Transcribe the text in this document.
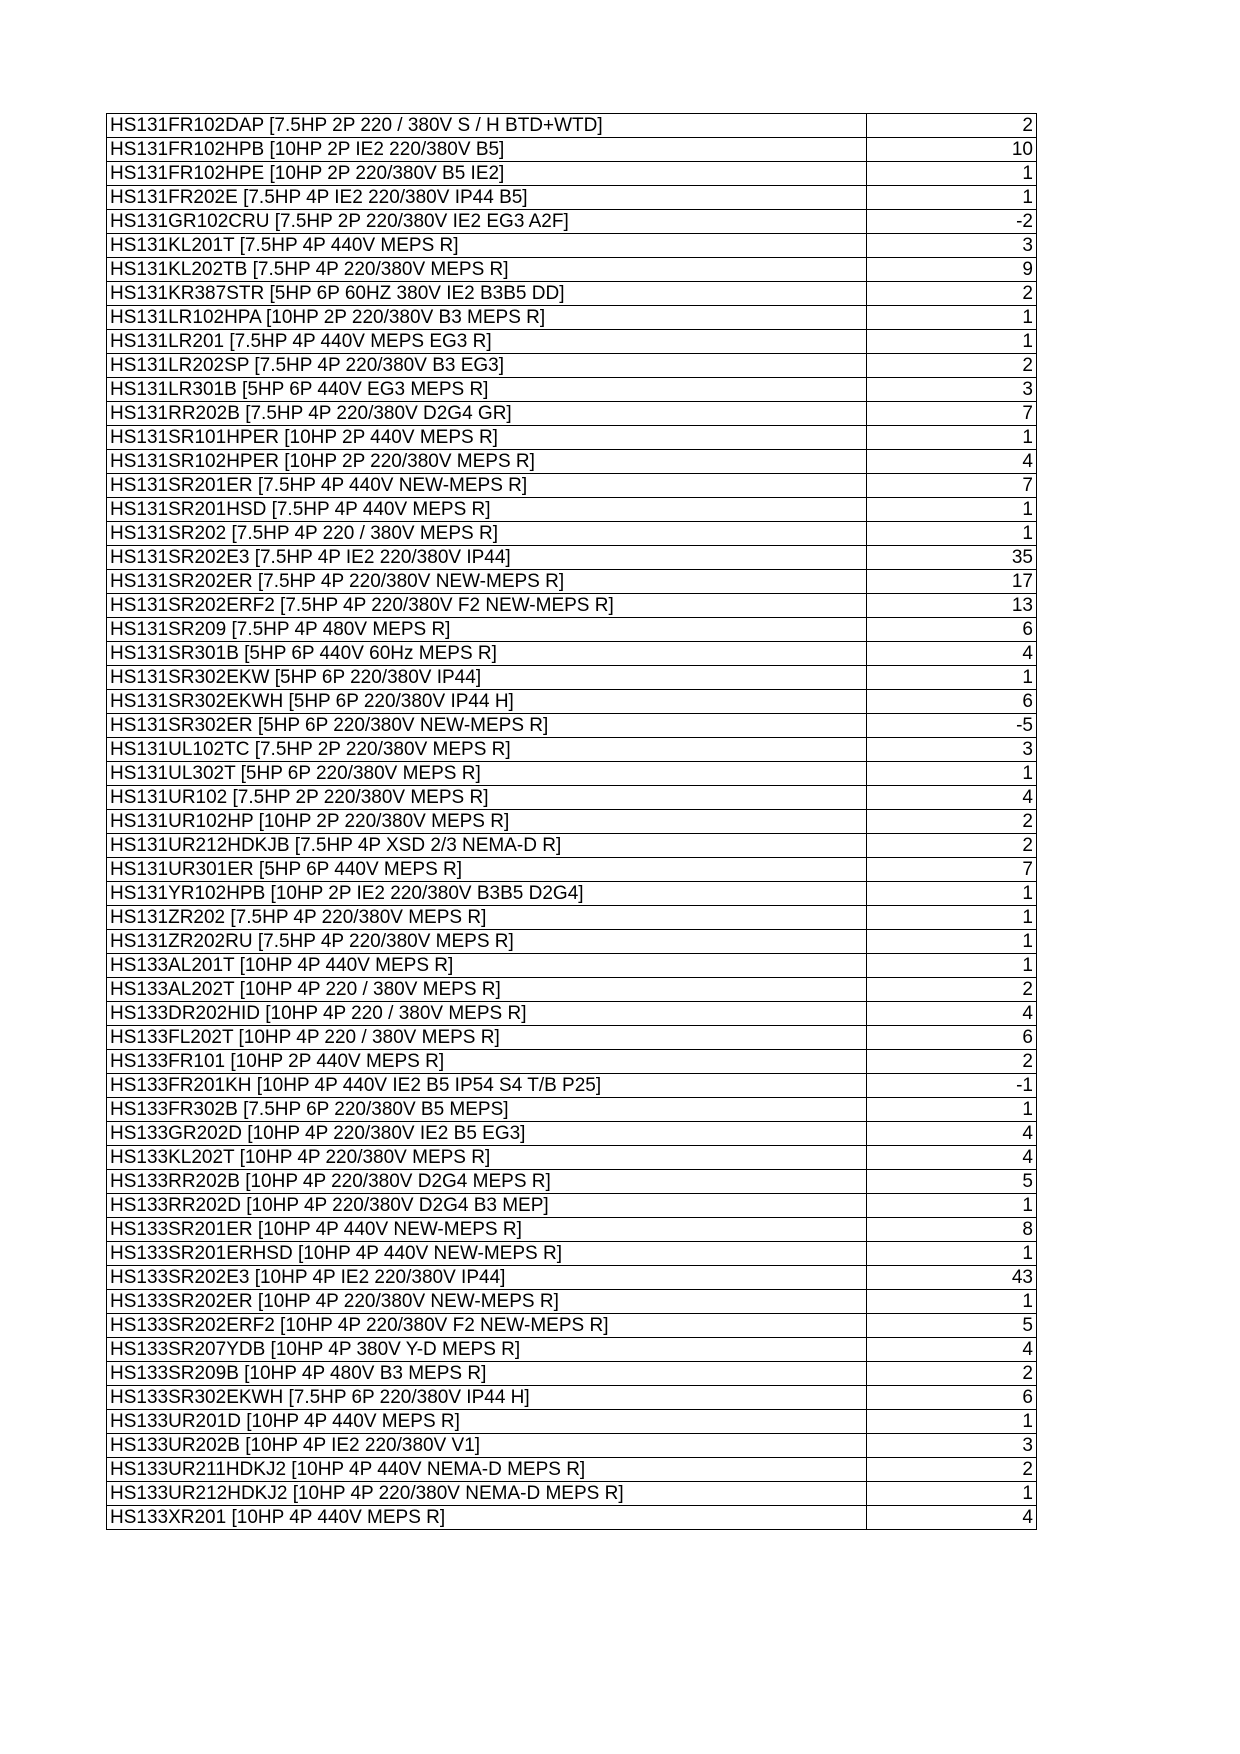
HS131FR102DAP [7.5HP 2P 220 / 380V S / H BTD+WTD]	2
HS131FR102HPB [10HP 2P IE2 220/380V B5]	10
HS131FR102HPE [10HP 2P 220/380V B5 IE2]	1
HS131FR202E [7.5HP 4P IE2 220/380V IP44 B5]	1
HS131GR102CRU [7.5HP 2P 220/380V IE2 EG3 A2F]	-2
HS131KL201T [7.5HP 4P 440V MEPS R]	3
HS131KL202TB [7.5HP 4P 220/380V MEPS R]	9
HS131KR387STR [5HP 6P 60HZ 380V IE2 B3B5 DD]	2
HS131LR102HPA [10HP 2P 220/380V B3 MEPS R]	1
HS131LR201 [7.5HP 4P 440V MEPS EG3 R]	1
HS131LR202SP [7.5HP 4P 220/380V B3 EG3]	2
HS131LR301B [5HP 6P 440V EG3 MEPS R]	3
HS131RR202B [7.5HP 4P 220/380V D2G4 GR]	7
HS131SR101HPER [10HP 2P 440V MEPS R]	1
HS131SR102HPER [10HP 2P 220/380V MEPS R]	4
HS131SR201ER [7.5HP 4P 440V NEW-MEPS R]	7
HS131SR201HSD [7.5HP 4P 440V MEPS R]	1
HS131SR202 [7.5HP 4P 220 / 380V MEPS R]	1
HS131SR202E3 [7.5HP 4P IE2 220/380V IP44]	35
HS131SR202ER [7.5HP 4P 220/380V NEW-MEPS R]	17
HS131SR202ERF2 [7.5HP 4P 220/380V F2 NEW-MEPS R]	13
HS131SR209 [7.5HP 4P 480V MEPS R]	6
HS131SR301B [5HP 6P 440V 60Hz MEPS R]	4
HS131SR302EKW [5HP 6P 220/380V IP44]	1
HS131SR302EKWH [5HP 6P 220/380V IP44 H]	6
HS131SR302ER [5HP 6P 220/380V NEW-MEPS R]	-5
HS131UL102TC [7.5HP 2P 220/380V MEPS R]	3
HS131UL302T [5HP 6P 220/380V MEPS R]	1
HS131UR102 [7.5HP 2P 220/380V MEPS R]	4
HS131UR102HP [10HP 2P 220/380V MEPS R]	2
HS131UR212HDKJB [7.5HP 4P XSD 2/3 NEMA-D R]	2
HS131UR301ER [5HP 6P 440V MEPS R]	7
HS131YR102HPB [10HP 2P IE2 220/380V B3B5 D2G4]	1
HS131ZR202 [7.5HP 4P 220/380V MEPS R]	1
HS131ZR202RU [7.5HP 4P 220/380V MEPS R]	1
HS133AL201T [10HP 4P 440V MEPS R]	1
HS133AL202T [10HP 4P 220 / 380V MEPS R]	2
HS133DR202HID [10HP 4P 220 / 380V MEPS R]	4
HS133FL202T [10HP 4P 220 / 380V MEPS R]	6
HS133FR101 [10HP 2P 440V MEPS R]	2
HS133FR201KH [10HP 4P 440V IE2 B5 IP54 S4 T/B P25]	-1
HS133FR302B [7.5HP 6P 220/380V B5 MEPS]	1
HS133GR202D [10HP 4P 220/380V IE2 B5 EG3]	4
HS133KL202T [10HP 4P 220/380V MEPS R]	4
HS133RR202B [10HP 4P 220/380V D2G4 MEPS R]	5
HS133RR202D [10HP 4P 220/380V D2G4 B3 MEP]	1
HS133SR201ER [10HP 4P 440V NEW-MEPS R]	8
HS133SR201ERHSD [10HP 4P 440V NEW-MEPS R]	1
HS133SR202E3 [10HP 4P IE2 220/380V IP44]	43
HS133SR202ER [10HP 4P 220/380V NEW-MEPS R]	1
HS133SR202ERF2 [10HP 4P 220/380V F2 NEW-MEPS R]	5
HS133SR207YDB [10HP 4P 380V Y-D MEPS R]	4
HS133SR209B [10HP 4P 480V B3 MEPS R]	2
HS133SR302EKWH [7.5HP 6P 220/380V IP44 H]	6
HS133UR201D [10HP 4P 440V MEPS R]	1
HS133UR202B [10HP 4P IE2 220/380V V1]	3
HS133UR211HDKJ2 [10HP 4P 440V NEMA-D MEPS R]	2
HS133UR212HDKJ2 [10HP 4P 220/380V NEMA-D MEPS R]	1
HS133XR201 [10HP 4P 440V MEPS R]	4
